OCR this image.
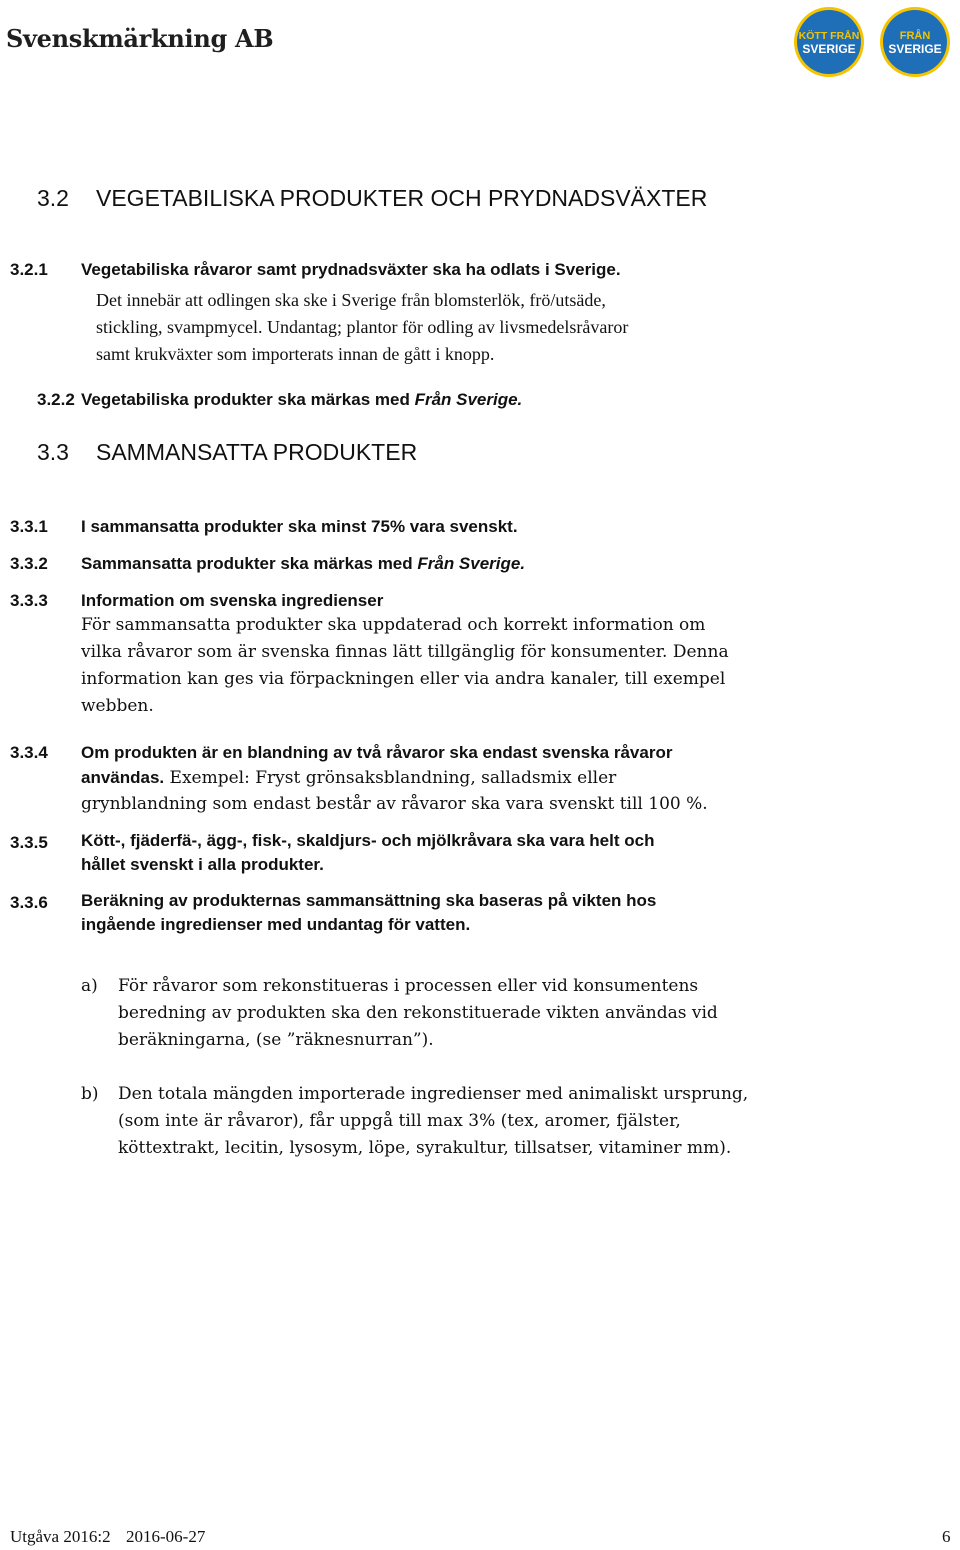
Svenskmärkning AB	KÖTT FRÅN
SVERIGE
FRÅN
SVERIGE
3.2 VEGETABILISKA PRODUKTER OCH PRYDNADSVÄXTER
3.2.1 Vegetabiliska råvaror samt prydnadsväxter ska ha odlats i Sverige.
Det innebär att odlingen ska ske i Sverige från blomsterlök, frö/utsäde,
stickling, svampmycel. Undantag; plantor för odling av livsmedelsråvaror
samt krukväxter som importerats innan de gått i knopp.
3.2.2 Vegetabiliska produkter ska märkas med Från Sverige.
3.3 SAMMANSATTA PRODUKTER
3.3.1 I sammansatta produkter ska minst 75% vara svenskt.
3.3.2 Sammansatta produkter ska märkas med Från Sverige.
3.3.3 Information om svenska ingredienser
För sammansatta produkter ska uppdaterad och korrekt information om
vilka råvaror som är svenska finnas lätt tillgänglig för konsumenter. Denna
information kan ges via förpackningen eller via andra kanaler, till exempel
webben.
3.3.4 Om produkten är en blandning av två råvaror ska endast svenska råvaror
användas. Exempel: Fryst grönsaksblandning, salladsmix eller
grynblandning som endast består av råvaror ska vara svenskt till 100 %.
3.3.5 Kött-, fjäderfä-, ägg-, fisk-, skaldjurs- och mjölkråvara ska vara helt och
hållet svenskt i alla produkter.
3.3.6 Beräkning av produkternas sammansättning ska baseras på vikten hos
ingående ingredienser med undantag för vatten.
a) För råvaror som rekonstitueras i processen eller vid konsumentens
beredning av produkten ska den rekonstituerade vikten användas vid
beräkningarna, (se ”räknesnurran”).
b) Den totala mängden importerade ingredienser med animaliskt ursprung,
(som inte är råvaror), får uppgå till max 3% (tex, aromer, fjälster,
köttextrakt, lecitin, lysosym, löpe, syrakultur, tillsatser, vitaminer mm).
Utgåva 2016:2 2016-06-27	6
